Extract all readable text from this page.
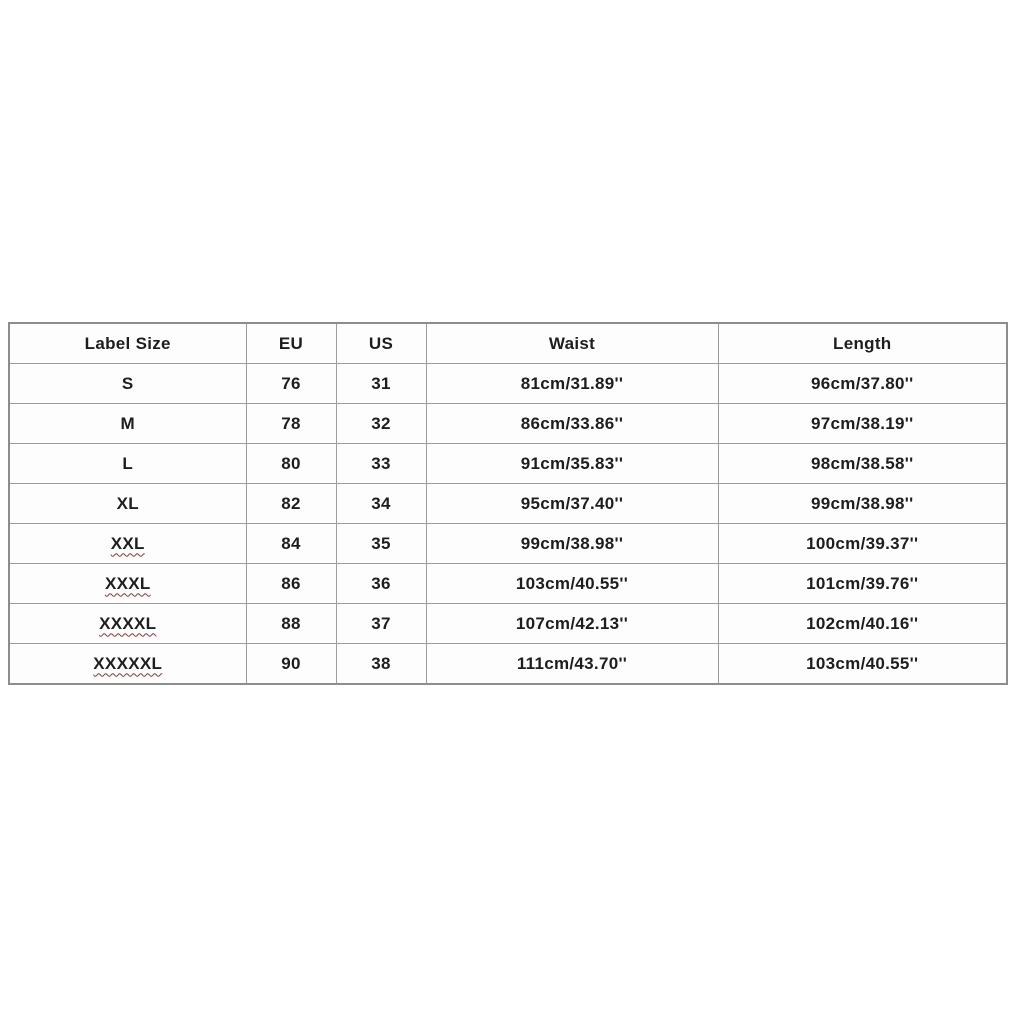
Label Size	EU	US	Waist	Length
S	76	31	81cm/31.89''	96cm/37.80''
M	78	32	86cm/33.86''	97cm/38.19''
L	80	33	91cm/35.83''	98cm/38.58''
XL	82	34	95cm/37.40''	99cm/38.98''
XXL	84	35	99cm/38.98''	100cm/39.37''
XXXL	86	36	103cm/40.55''	101cm/39.76''
XXXXL	88	37	107cm/42.13''	102cm/40.16''
XXXXXL	90	38	111cm/43.70''	103cm/40.55''
